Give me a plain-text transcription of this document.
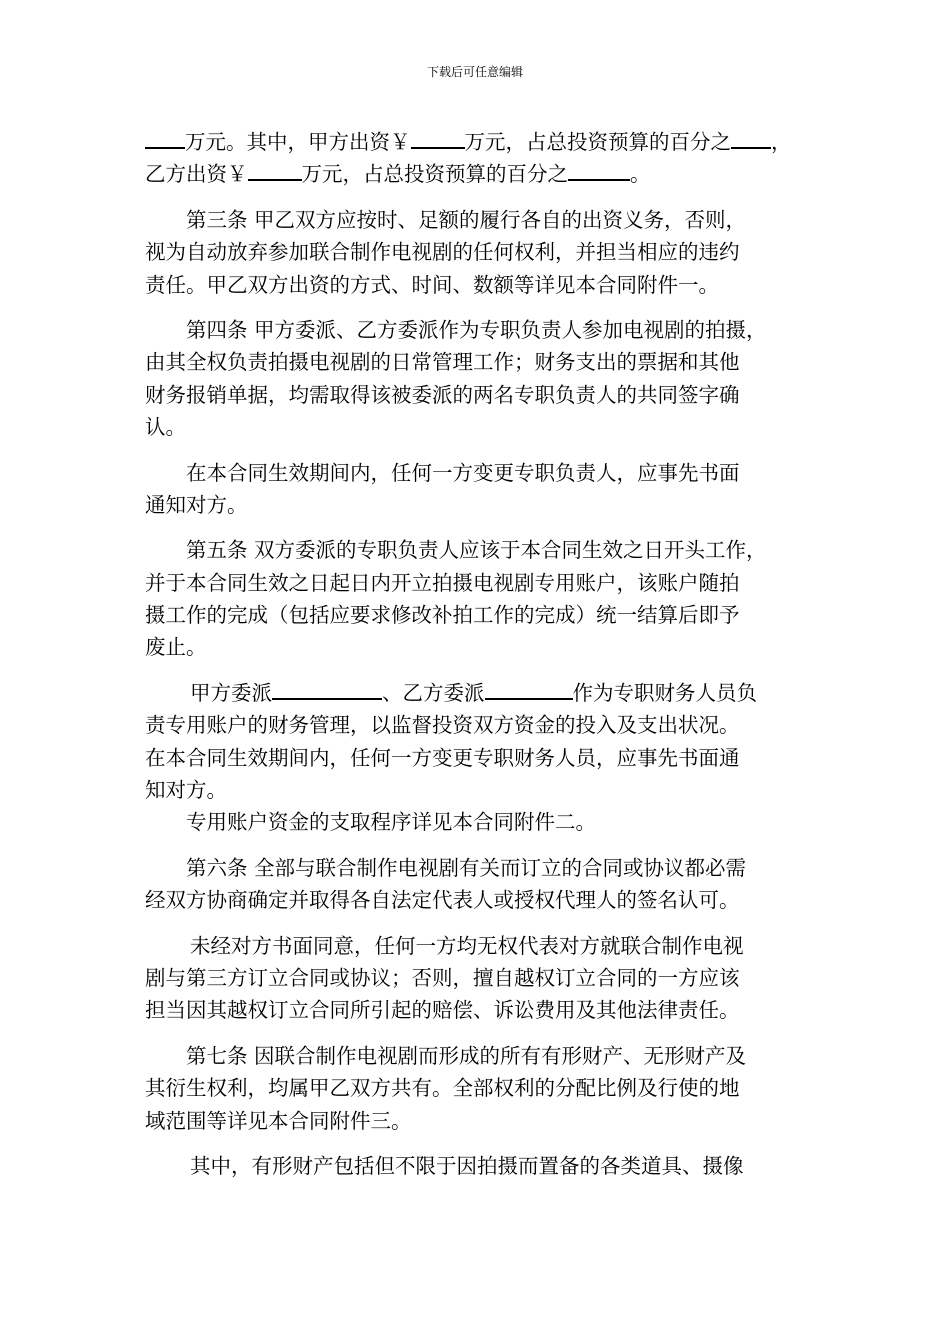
下载后可任意编辑
万元。其中，甲方出资￥	万元，占总投资预算的百分之 ，
乙方出资￥	万元，占总投资预算的百分之	。
第三条 甲乙双方应按时、足额的履行各自的出资义务，否则，
视为自动放弃参加联合制作电视剧的任何权利，并担当相应的违约
责任。甲乙双方出资的方式、时间、数额等详见本合同附件一。
第四条 甲方委派、乙方委派作为专职负责人参加电视剧的拍摄，
由其全权负责拍摄电视剧的日常管理工作；财务支出的票据和其他
财务报销单据，均需取得该被委派的两名专职负责人的共同签字确
认。
在本合同生效期间内，任何一方变更专职负责人，应事先书面
通知对方。
第五条 双方委派的专职负责人应该于本合同生效之日开头工作，
并于本合同生效之日起日内开立拍摄电视剧专用账户，该账户随拍
摄工作的完成（包括应要求修改补拍工作的完成）统一结算后即予
废止。
甲方委派	、乙方委派	作为专职财务人员负
责专用账户的财务管理，以监督投资双方资金的投入及支出状况。
在本合同生效期间内，任何一方变更专职财务人员，应事先书面通
知对方。
专用账户资金的支取程序详见本合同附件二。
第六条 全部与联合制作电视剧有关而订立的合同或协议都必需
经双方协商确定并取得各自法定代表人或授权代理人的签名认可。
未经对方书面同意，任何一方均无权代表对方就联合制作电视
剧与第三方订立合同或协议；否则，擅自越权订立合同的一方应该
担当因其越权订立合同所引起的赔偿、诉讼费用及其他法律责任。
第七条 因联合制作电视剧而形成的所有有形财产、无形财产及
其衍生权利，均属甲乙双方共有。全部权利的分配比例及行使的地
域范围等详见本合同附件三。
其中，有形财产包括但不限于因拍摄而置备的各类道具、摄像
